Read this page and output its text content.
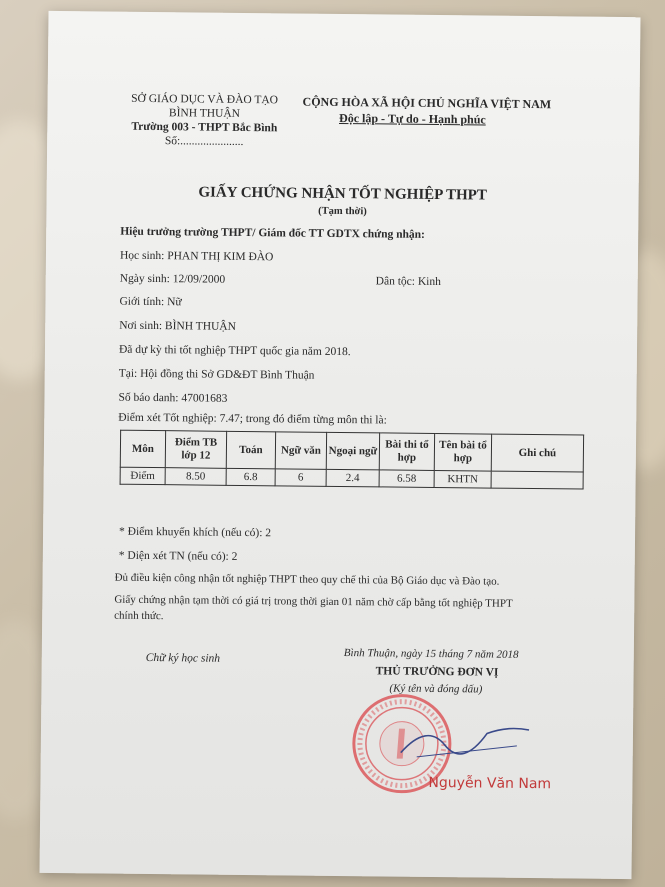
SỞ GIÁO DỤC VÀ ĐÀO TẠO
BÌNH THUẬN
Trường 003 - THPT Bắc Bình
Số:......................
CỘNG HÒA XÃ HỘI CHỦ NGHĨA VIỆT NAM
Độc lập - Tự do - Hạnh phúc
GIẤY CHỨNG NHẬN TỐT NGHIỆP THPT
(Tạm thời)
Hiệu trưởng trường THPT/ Giám đốc TT GDTX chứng nhận:
Học sinh: PHAN THỊ KIM ĐÀO
Ngày sinh: 12/09/2000	Dân tộc: Kinh
Giới tính: Nữ
Nơi sinh: BÌNH THUẬN
Đã dự kỳ thi tốt nghiệp THPT quốc gia năm 2018.
Tại: Hội đồng thi Sở GD&ĐT Bình Thuận
Số báo danh: 47001683
Điểm xét Tốt nghiệp: 7.47; trong đó điểm từng môn thi là:
Môn	Điểm TB lớp 12	Toán	Ngữ văn	Ngoại ngữ	Bài thi tổ hợp	Tên bài tổ hợp	Ghi chú
Điểm	8.50	6.8	6	2.4	6.58	KHTN	
* Điểm khuyến khích (nếu có): 2
* Diện xét TN (nếu có): 2
Đủ điều kiện công nhận tốt nghiệp THPT theo quy chế thi của Bộ Giáo dục và Đào tạo.
Giấy chứng nhận tạm thời có giá trị trong thời gian 01 năm chờ cấp bằng tốt nghiệp THPT
chính thức.
Chữ ký học sinh	Bình Thuận, ngày 15 tháng 7 năm 2018
THỦ TRƯỞNG ĐƠN VỊ
(Ký tên và đóng dấu)
Nguyễn Văn Nam
